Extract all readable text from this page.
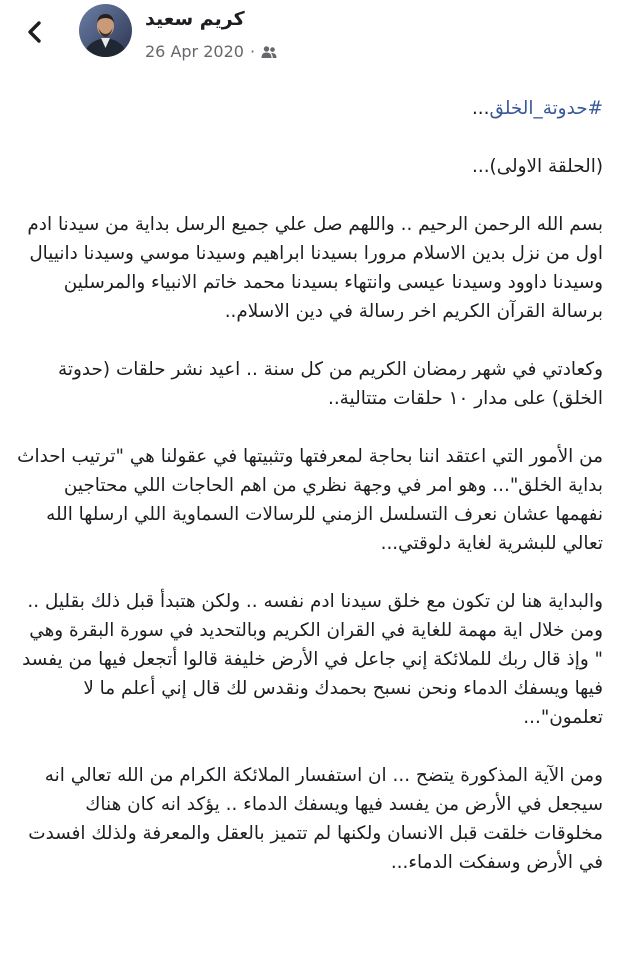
كريم سعيد
26 Apr 2020 ·

#حدوتة_الخلق...

(الحلقة الاولى)...

بسم الله الرحمن الرحيم .. واللهم صل علي جميع الرسل بداية من سيدنا ادم اول من نزل بدين الاسلام مرورا بسيدنا ابراهيم وسيدنا موسي وسيدنا دانييال وسيدنا داوود وسيدنا عيسى وانتهاء بسيدنا محمد خاتم الانبياء والمرسلين برسالة القرآن الكريم اخر رسالة في دين الاسلام..

وكعادتي في شهر رمضان الكريم من كل سنة .. اعيد نشر حلقات (حدوتة الخلق) على مدار ١٠ حلقات متتالية..

من الأمور التي اعتقد اننا بحاجة لمعرفتها وتثبيتها في عقولنا هي "ترتيب احداث بداية الخلق"... وهو امر في وجهة نظري من اهم الحاجات اللي محتاجين نفهمها عشان نعرف التسلسل الزمني للرسالات السماوية اللي ارسلها الله تعالي للبشرية لغاية دلوقتي...

والبداية هنا لن تكون مع خلق سيدنا ادم نفسه .. ولكن هتبدأ قبل ذلك بقليل .. ومن خلال اية مهمة للغاية في القران الكريم وبالتحديد في سورة البقرة وهي " وإذ قال ربك للملائكة إني جاعل في الأرض خليفة قالوا أتجعل فيها من يفسد فيها ويسفك الدماء ونحن نسبح بحمدك ونقدس لك قال إني أعلم ما لا تعلمون"...

ومن الآية المذكورة يتضح ... ان استفسار الملائكة الكرام من الله تعالي انه سيجعل في الأرض من يفسد فيها ويسفك الدماء .. يؤكد انه كان هناك مخلوقات خلقت قبل الانسان ولكنها لم تتميز بالعقل والمعرفة ولذلك افسدت في الأرض وسفكت الدماء...
